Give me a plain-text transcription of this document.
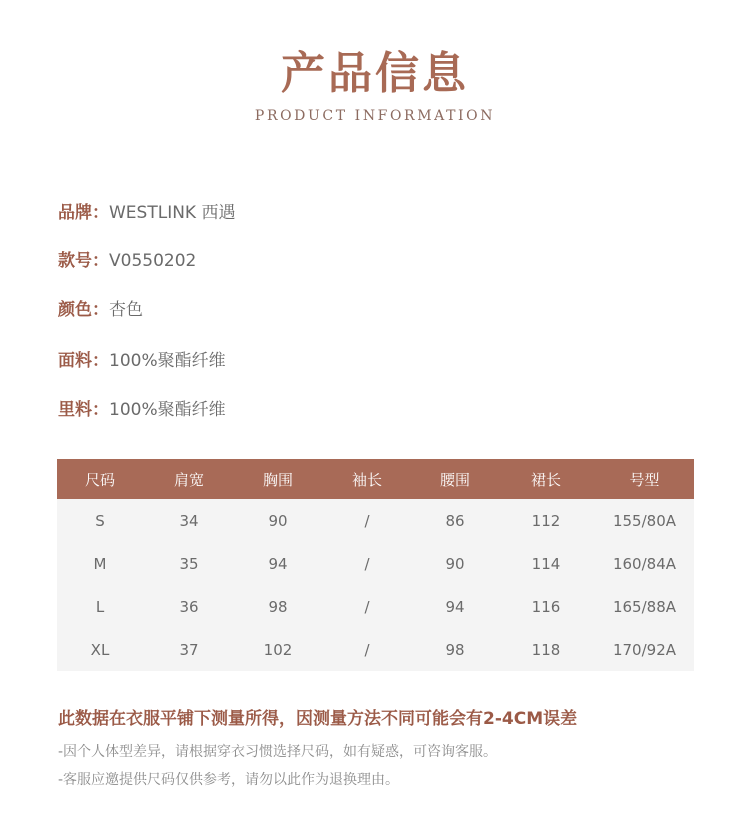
产品信息
PRODUCT INFORMATION
品牌：WESTLINK 西遇
款号：V0550202
颜色：杏色
面料：100%聚酯纤维
里料：100%聚酯纤维
尺码	肩宽	胸围	袖长	腰围	裙长	号型
S	34	90	/	86	112	155/80A
M	35	94	/	90	114	160/84A
L	36	98	/	94	116	165/88A
XL	37	102	/	98	118	170/92A
此数据在衣服平铺下测量所得，因测量方法不同可能会有2-4CM误差
-因个人体型差异，请根据穿衣习惯选择尺码，如有疑惑，可咨询客服。
-客服应邀提供尺码仅供参考，请勿以此作为退换理由。
